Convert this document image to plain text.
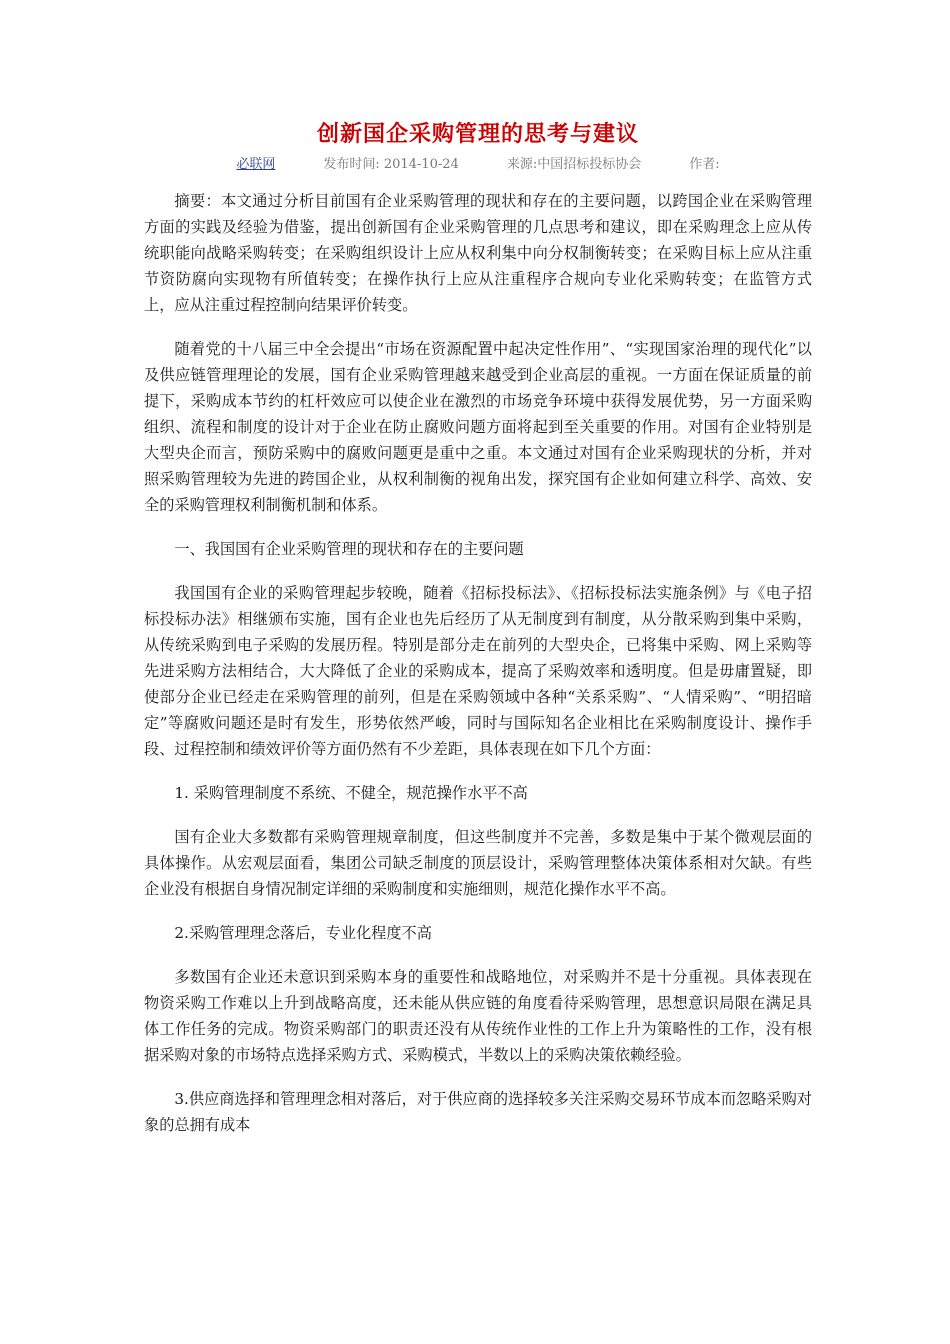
创新国企采购管理的思考与建议
必联网	发布时间: 2014-10-24	来源:中国招标投标协会	作者:

摘要：本文通过分析目前国有企业采购管理的现状和存在的主要问题，以跨国企业在采购管理方面的实践及经验为借鉴，提出创新国有企业采购管理的几点思考和建议，即在采购理念上应从传统职能向战略采购转变；在采购组织设计上应从权利集中向分权制衡转变；在采购目标上应从注重节资防腐向实现物有所值转变；在操作执行上应从注重程序合规向专业化采购转变；在监管方式上，应从注重过程控制向结果评价转变。

随着党的十八届三中全会提出“市场在资源配置中起决定性作用”、“实现国家治理的现代化”以及供应链管理理论的发展，国有企业采购管理越来越受到企业高层的重视。一方面在保证质量的前提下，采购成本节约的杠杆效应可以使企业在激烈的市场竞争环境中获得发展优势，另一方面采购组织、流程和制度的设计对于企业在防止腐败问题方面将起到至关重要的作用。对国有企业特别是大型央企而言，预防采购中的腐败问题更是重中之重。本文通过对国有企业采购现状的分析，并对照采购管理较为先进的跨国企业，从权利制衡的视角出发，探究国有企业如何建立科学、高效、安全的采购管理权利制衡机制和体系。

一、我国国有企业采购管理的现状和存在的主要问题

我国国有企业的采购管理起步较晚，随着《招标投标法》、《招标投标法实施条例》与《电子招标投标办法》相继颁布实施，国有企业也先后经历了从无制度到有制度，从分散采购到集中采购，从传统采购到电子采购的发展历程。特别是部分走在前列的大型央企，已将集中采购、网上采购等先进采购方法相结合，大大降低了企业的采购成本，提高了采购效率和透明度。但是毋庸置疑，即使部分企业已经走在采购管理的前列，但是在采购领域中各种“关系采购”、“人情采购”、“明招暗定”等腐败问题还是时有发生，形势依然严峻，同时与国际知名企业相比在采购制度设计、操作手段、过程控制和绩效评价等方面仍然有不少差距，具体表现在如下几个方面：

1. 采购管理制度不系统、不健全，规范操作水平不高

国有企业大多数都有采购管理规章制度，但这些制度并不完善，多数是集中于某个微观层面的具体操作。从宏观层面看，集团公司缺乏制度的顶层设计，采购管理整体决策体系相对欠缺。有些企业没有根据自身情况制定详细的采购制度和实施细则，规范化操作水平不高。

2.采购管理理念落后，专业化程度不高

多数国有企业还未意识到采购本身的重要性和战略地位，对采购并不是十分重视。具体表现在物资采购工作难以上升到战略高度，还未能从供应链的角度看待采购管理，思想意识局限在满足具体工作任务的完成。物资采购部门的职责还没有从传统作业性的工作上升为策略性的工作，没有根据采购对象的市场特点选择采购方式、采购模式，半数以上的采购决策依赖经验。

3.供应商选择和管理理念相对落后，对于供应商的选择较多关注采购交易环节成本而忽略采购对象的总拥有成本
